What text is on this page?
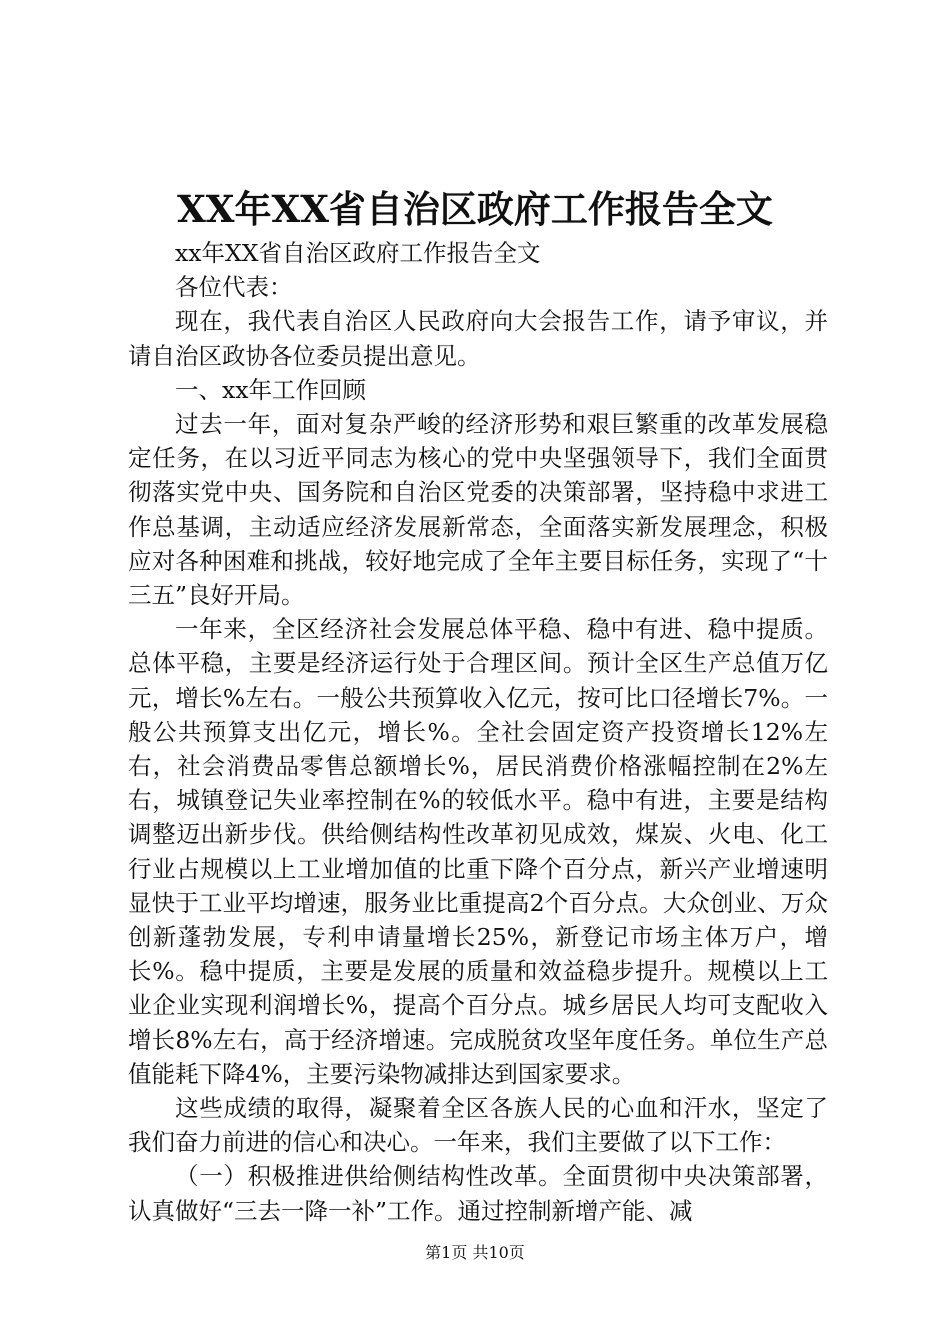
XX年XX省自治区政府工作报告全文

xx年XX省自治区政府工作报告全文

各位代表：

现在，我代表自治区人民政府向大会报告工作，请予审议，并请自治区政协各位委员提出意见。

一、xx年工作回顾

过去一年，面对复杂严峻的经济形势和艰巨繁重的改革发展稳定任务，在以习近平同志为核心的党中央坚强领导下，我们全面贯彻落实党中央、国务院和自治区党委的决策部署，坚持稳中求进工作总基调，主动适应经济发展新常态，全面落实新发展理念，积极应对各种困难和挑战，较好地完成了全年主要目标任务，实现了“十三五”良好开局。

一年来，全区经济社会发展总体平稳、稳中有进、稳中提质。总体平稳，主要是经济运行处于合理区间。预计全区生产总值万亿元，增长%左右。一般公共预算收入亿元，按可比口径增长7%。一般公共预算支出亿元，增长%。全社会固定资产投资增长12%左右，社会消费品零售总额增长%，居民消费价格涨幅控制在2%左右，城镇登记失业率控制在%的较低水平。稳中有进，主要是结构调整迈出新步伐。供给侧结构性改革初见成效，煤炭、火电、化工行业占规模以上工业增加值的比重下降个百分点，新兴产业增速明显快于工业平均增速，服务业比重提高2个百分点。大众创业、万众创新蓬勃发展，专利申请量增长25%，新登记市场主体万户，增长%。稳中提质，主要是发展的质量和效益稳步提升。规模以上工业企业实现利润增长%，提高个百分点。城乡居民人均可支配收入增长8%左右，高于经济增速。完成脱贫攻坚年度任务。单位生产总值能耗下降4%，主要污染物减排达到国家要求。

这些成绩的取得，凝聚着全区各族人民的心血和汗水，坚定了我们奋力前进的信心和决心。一年来，我们主要做了以下工作：

（一）积极推进供给侧结构性改革。全面贯彻中央决策部署，认真做好“三去一降一补”工作。通过控制新增产能、减

第1页 共10页
